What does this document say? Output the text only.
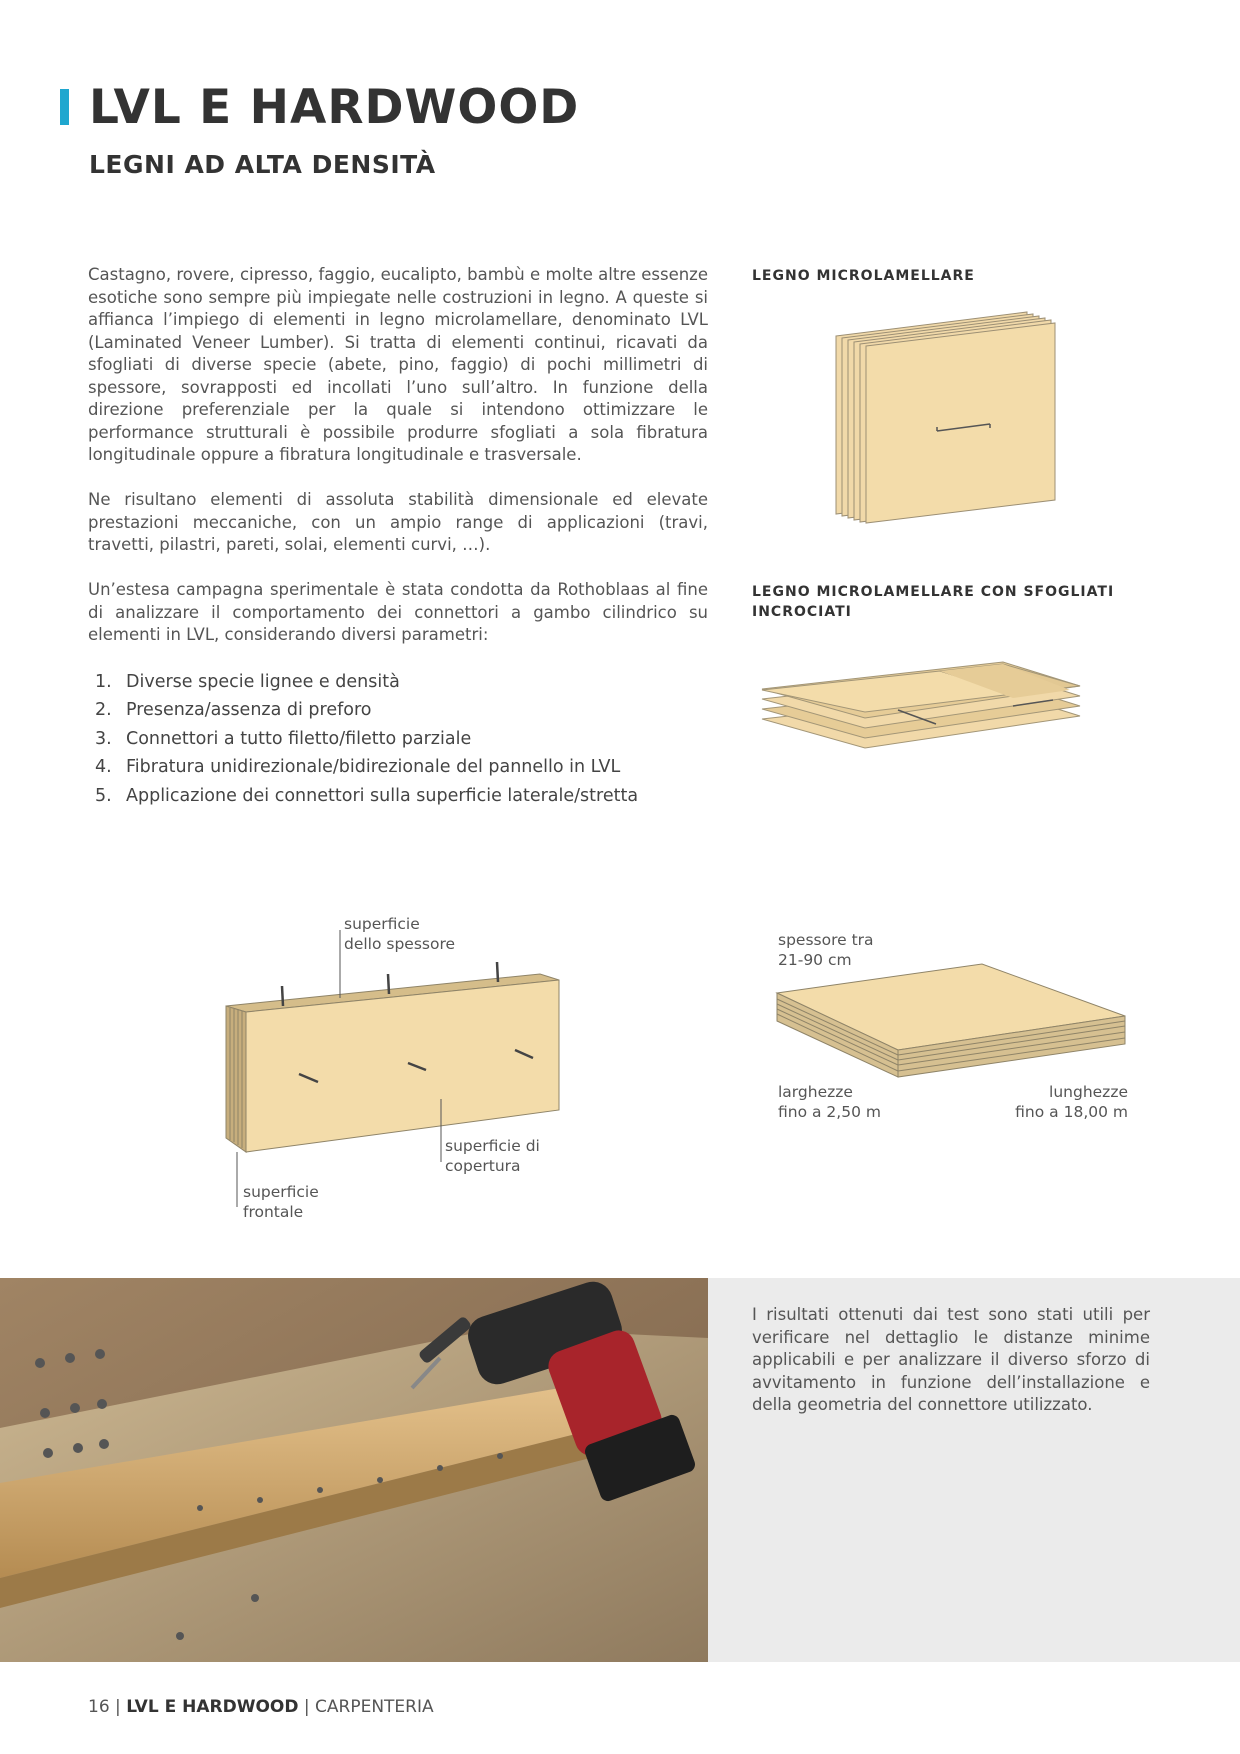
LVL E HARDWOOD
LEGNI AD ALTA DENSITÀ

Castagno, rovere, cipresso, faggio, eucalipto, bambù e molte altre essenze esotiche sono sempre più impiegate nelle costruzioni in legno. A queste si affianca l’impiego di elementi in legno microlamellare, denominato LVL (Laminated Veneer Lumber). Si tratta di elementi continui, ricavati da sfogliati di diverse specie (abete, pino, faggio) di pochi millimetri di spessore, sovrapposti ed incollati l’uno sull’altro. In funzione della direzione preferenziale per la quale si intendono ottimizzare le performance strutturali è possibile produrre sfogliati a sola fibratura longitudinale oppure a fibratura longitudinale e trasversale.

Ne risultano elementi di assoluta stabilità dimensionale ed elevate prestazioni meccaniche, con un ampio range di applicazioni (travi, travetti, pilastri, pareti, solai, elementi curvi, …).

Un’estesa campagna sperimentale è stata condotta da Rothoblaas al fine di analizzare il comportamento dei connettori a gambo cilindrico su elementi in LVL, considerando diversi parametri:

1. Diverse specie lignee e densità
2. Presenza/assenza di preforo
3. Connettori a tutto filetto/filetto parziale
4. Fibratura unidirezionale/bidirezionale del pannello in LVL
5. Applicazione dei connettori sulla superficie laterale/stretta
LEGNO MICROLAMELLARE
LEGNO MICROLAMELLARE CON SFOGLIATI INCROCIATI
superficie
dello spessore
superficie di
copertura
superficie
frontale
spessore tra
21-90 cm
larghezze
fino a 2,50 m
lunghezze
fino a 18,00 m

I risultati ottenuti dai test sono stati utili per verificare nel dettaglio le distanze minime applicabili e per analizzare il diverso sforzo di avvitamento in funzione dell’installazione e della geometria del connettore utilizzato.

16 | LVL E HARDWOOD | CARPENTERIA
